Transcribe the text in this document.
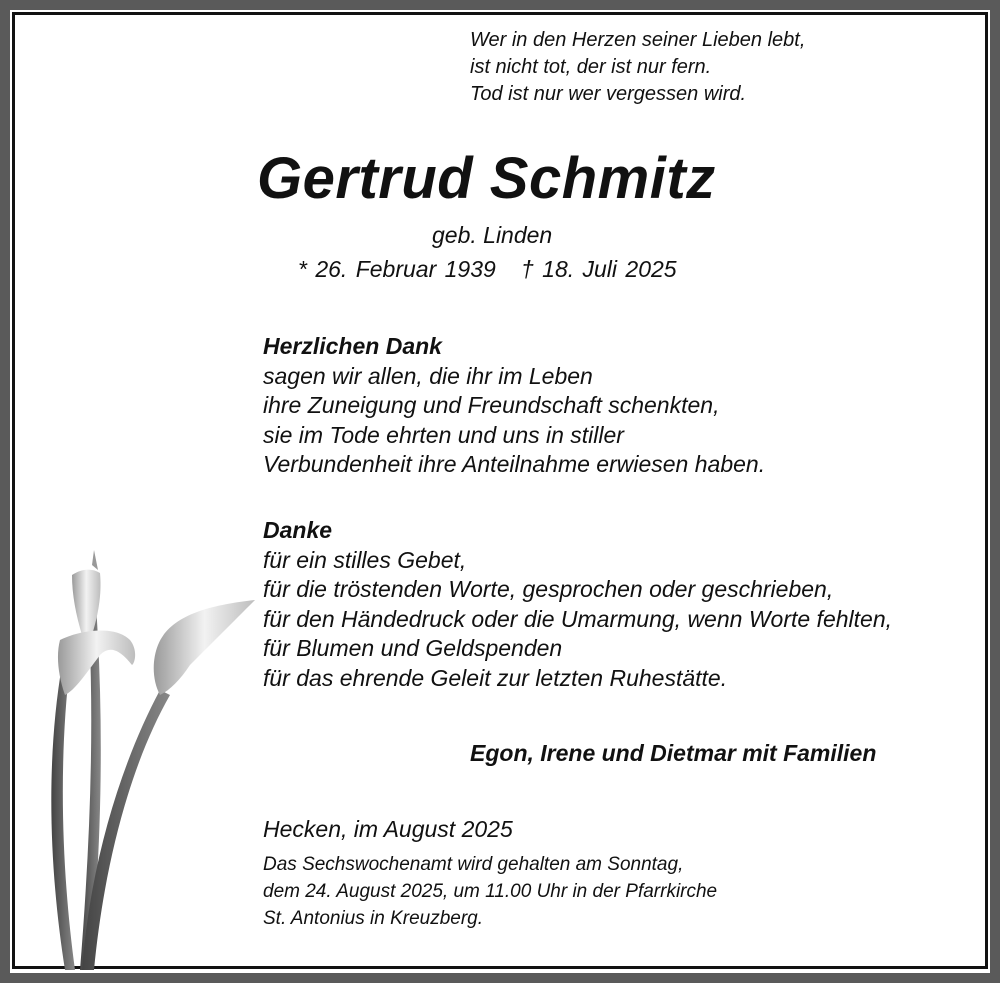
Wer in den Herzen seiner Lieben lebt,
ist nicht tot, der ist nur fern.
Tod ist nur wer vergessen wird.
Gertrud Schmitz
geb. Linden
* 26. Februar 1939   † 18. Juli 2025
Herzlichen Dank
sagen wir allen, die ihr im Leben
ihre Zuneigung und Freundschaft schenkten,
sie im Tode ehrten und uns in stiller
Verbundenheit ihre Anteilnahme erwiesen haben.
Danke
für ein stilles Gebet,
für die tröstenden Worte, gesprochen oder geschrieben,
für den Händedruck oder die Umarmung, wenn Worte fehlten,
für Blumen und Geldspenden
für das ehrende Geleit zur letzten Ruhestätte.
Egon, Irene und Dietmar mit Familien
Hecken, im August 2025
Das Sechswochenamt wird gehalten am Sonntag,
dem 24. August 2025, um 11.00 Uhr in der Pfarrkirche
St. Antonius in Kreuzberg.
